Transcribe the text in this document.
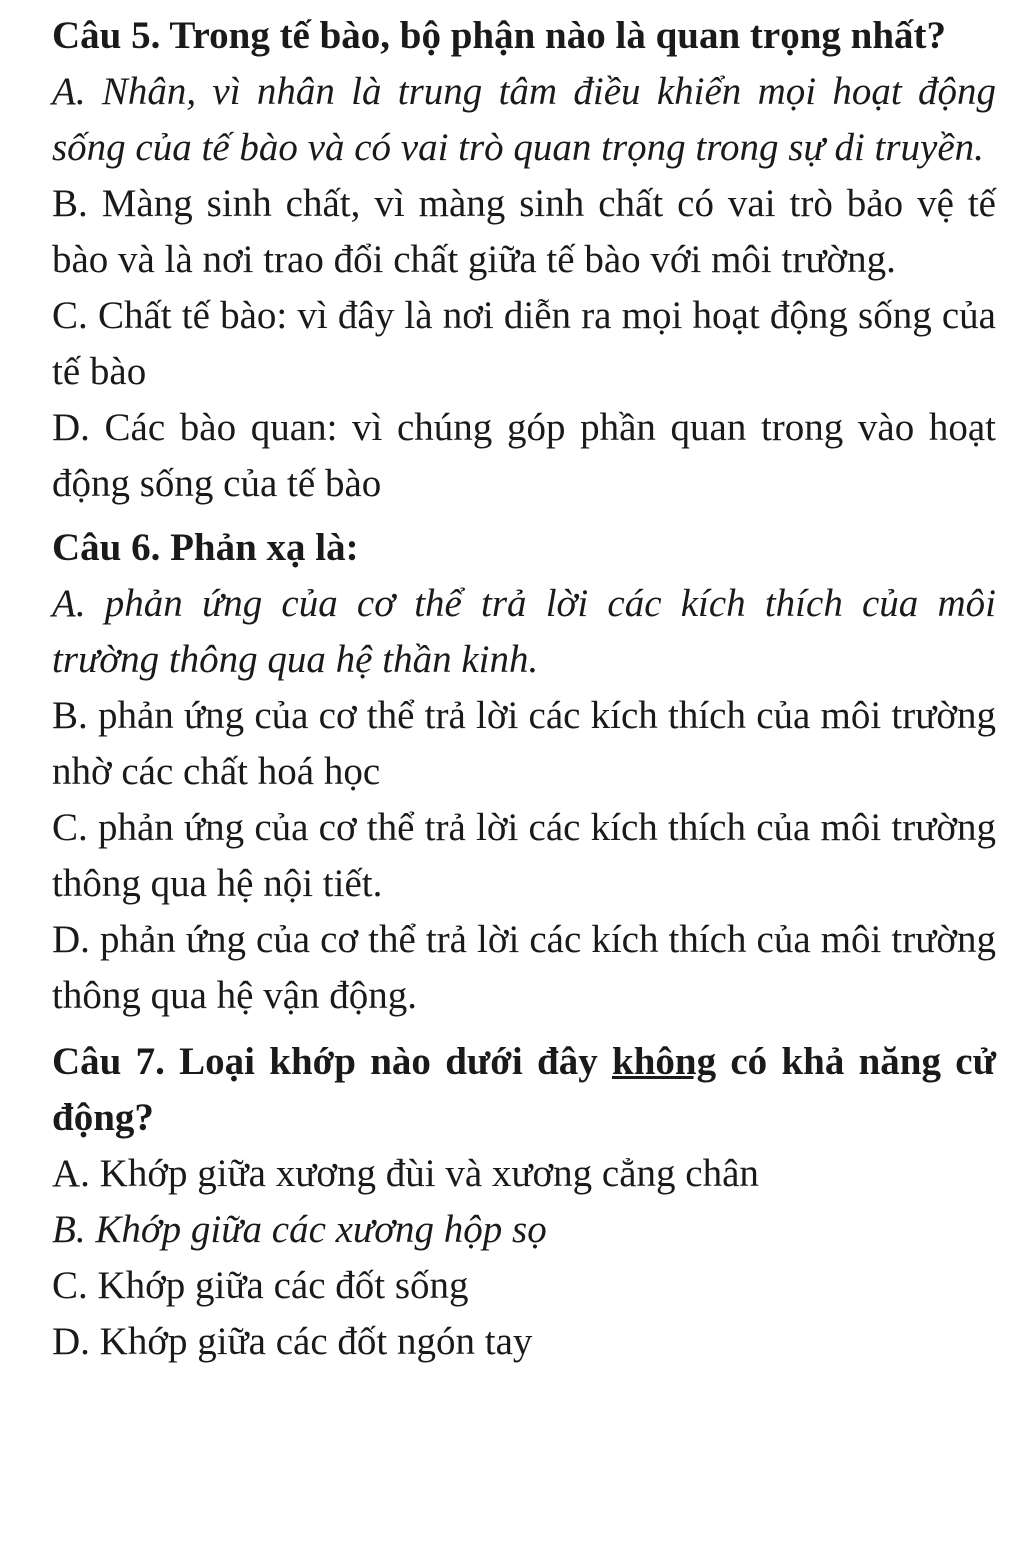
Câu 5. Trong tế bào, bộ phận nào là quan trọng nhất?

A. Nhân, vì nhân là trung tâm điều khiển mọi hoạt động sống của tế bào và có vai trò quan trọng trong sự di truyền.

B. Màng sinh chất, vì màng sinh chất có vai trò bảo vệ tế bào và là nơi trao đổi chất giữa tế bào với môi trường.

C. Chất tế bào: vì đây là nơi diễn ra mọi hoạt động sống của tế bào

D. Các bào quan: vì chúng góp phần quan trong vào hoạt động sống của tế bào

Câu 6. Phản xạ là:

A. phản ứng của cơ thể trả lời các kích thích của môi trường thông qua hệ thần kinh.

B. phản ứng của cơ thể trả lời các kích thích của môi trường nhờ các chất hoá học

C. phản ứng của cơ thể trả lời các kích thích của môi trường thông qua hệ nội tiết.

D. phản ứng của cơ thể trả lời các kích thích của môi trường thông qua hệ vận động.

Câu 7. Loại khớp nào dưới đây không có khả năng cử động?

A. Khớp giữa xương đùi và xương cẳng chân

B. Khớp giữa các xương hộp sọ

C. Khớp giữa các đốt sống

D. Khớp giữa các đốt ngón tay
